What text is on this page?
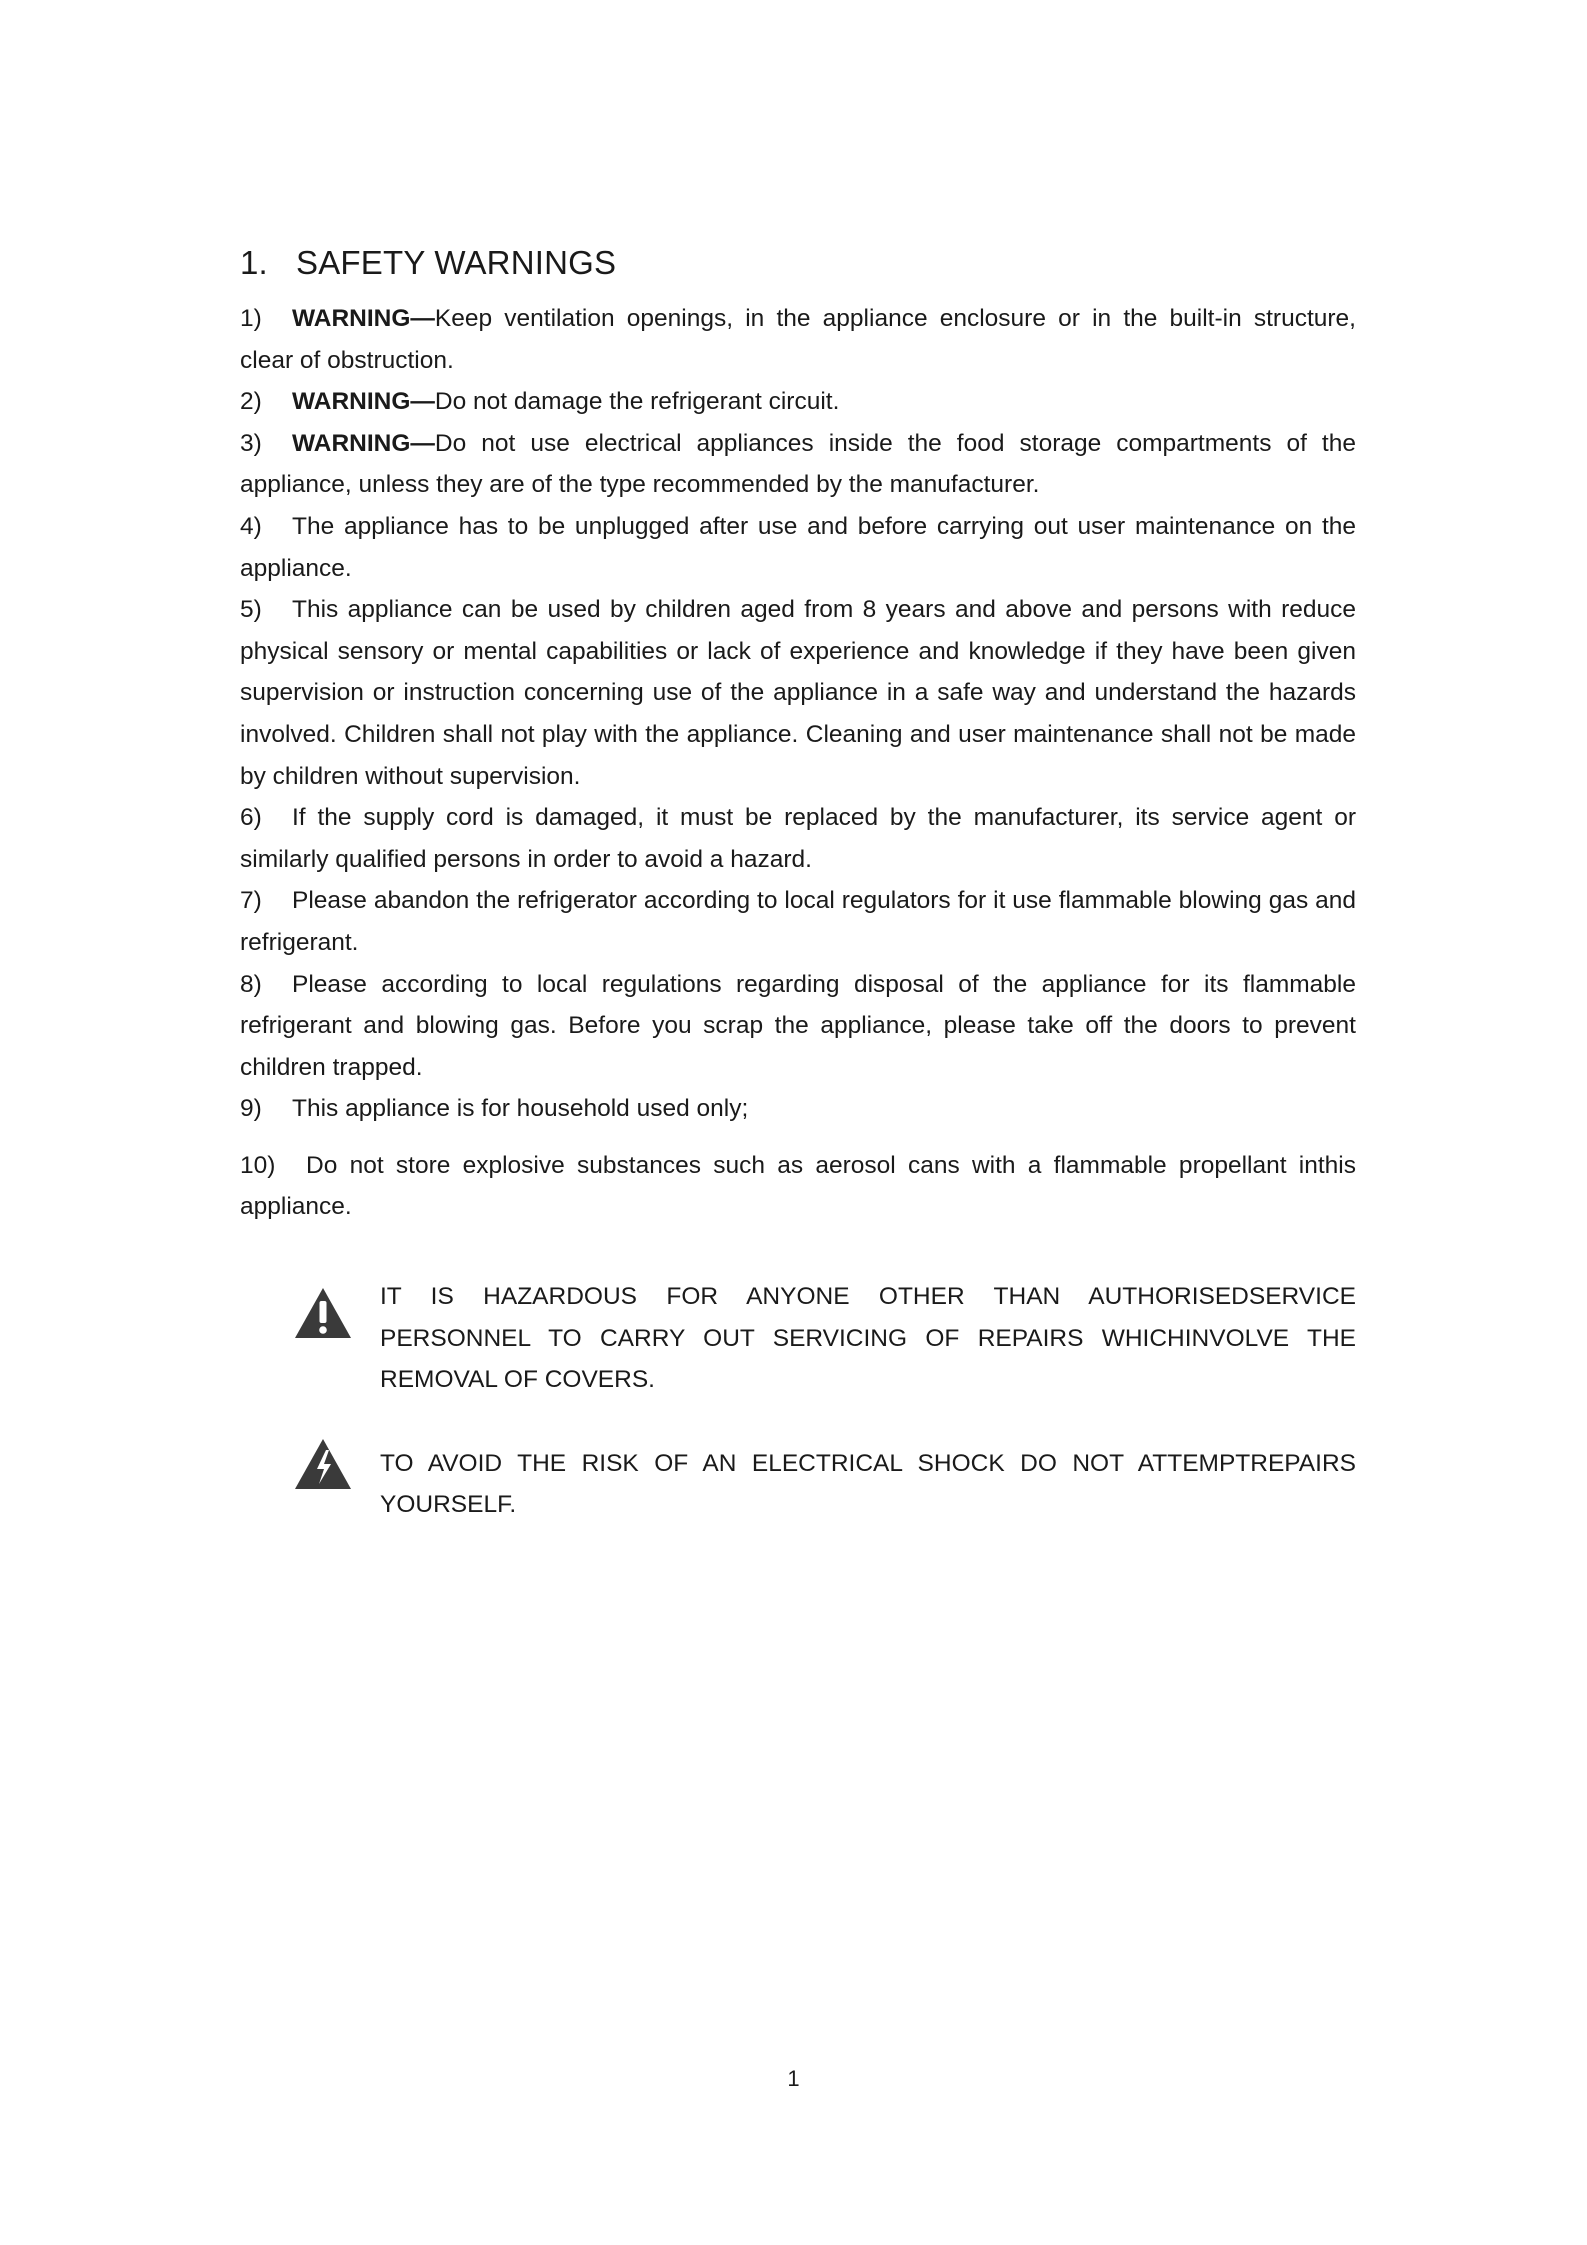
1. SAFETY WARNINGS

1) WARNING—Keep ventilation openings, in the appliance enclosure or in the built-in structure, clear of obstruction.

2) WARNING—Do not damage the refrigerant circuit.

3) WARNING—Do not use electrical appliances inside the food storage compartments of the appliance, unless they are of the type recommended by the manufacturer.

4) The appliance has to be unplugged after use and before carrying out user maintenance on the appliance.

5) This appliance can be used by children aged from 8 years and above and persons with reduce physical sensory or mental capabilities or lack of experience and knowledge if they have been given supervision or instruction concerning use of the appliance in a safe way and understand the hazards involved. Children shall not play with the appliance. Cleaning and user maintenance shall not be made by children without supervision.

6) If the supply cord is damaged, it must be replaced by the manufacturer, its service agent or similarly qualified persons in order to avoid a hazard.

7) Please abandon the refrigerator according to local regulators for it use flammable blowing gas and refrigerant.

8) Please according to local regulations regarding disposal of the appliance for its flammable refrigerant and blowing gas. Before you scrap the appliance, please take off the doors to prevent children trapped.

9) This appliance is for household used only;

10) Do not store explosive substances such as aerosol cans with a flammable propellant inthis appliance.

IT IS HAZARDOUS FOR ANYONE OTHER THAN AUTHORISEDSERVICE PERSONNEL TO CARRY OUT SERVICING OF REPAIRS WHICHINVOLVE THE REMOVAL OF COVERS.
TO AVOID THE RISK OF AN ELECTRICAL SHOCK DO NOT ATTEMPTREPAIRS YOURSELF.
1
